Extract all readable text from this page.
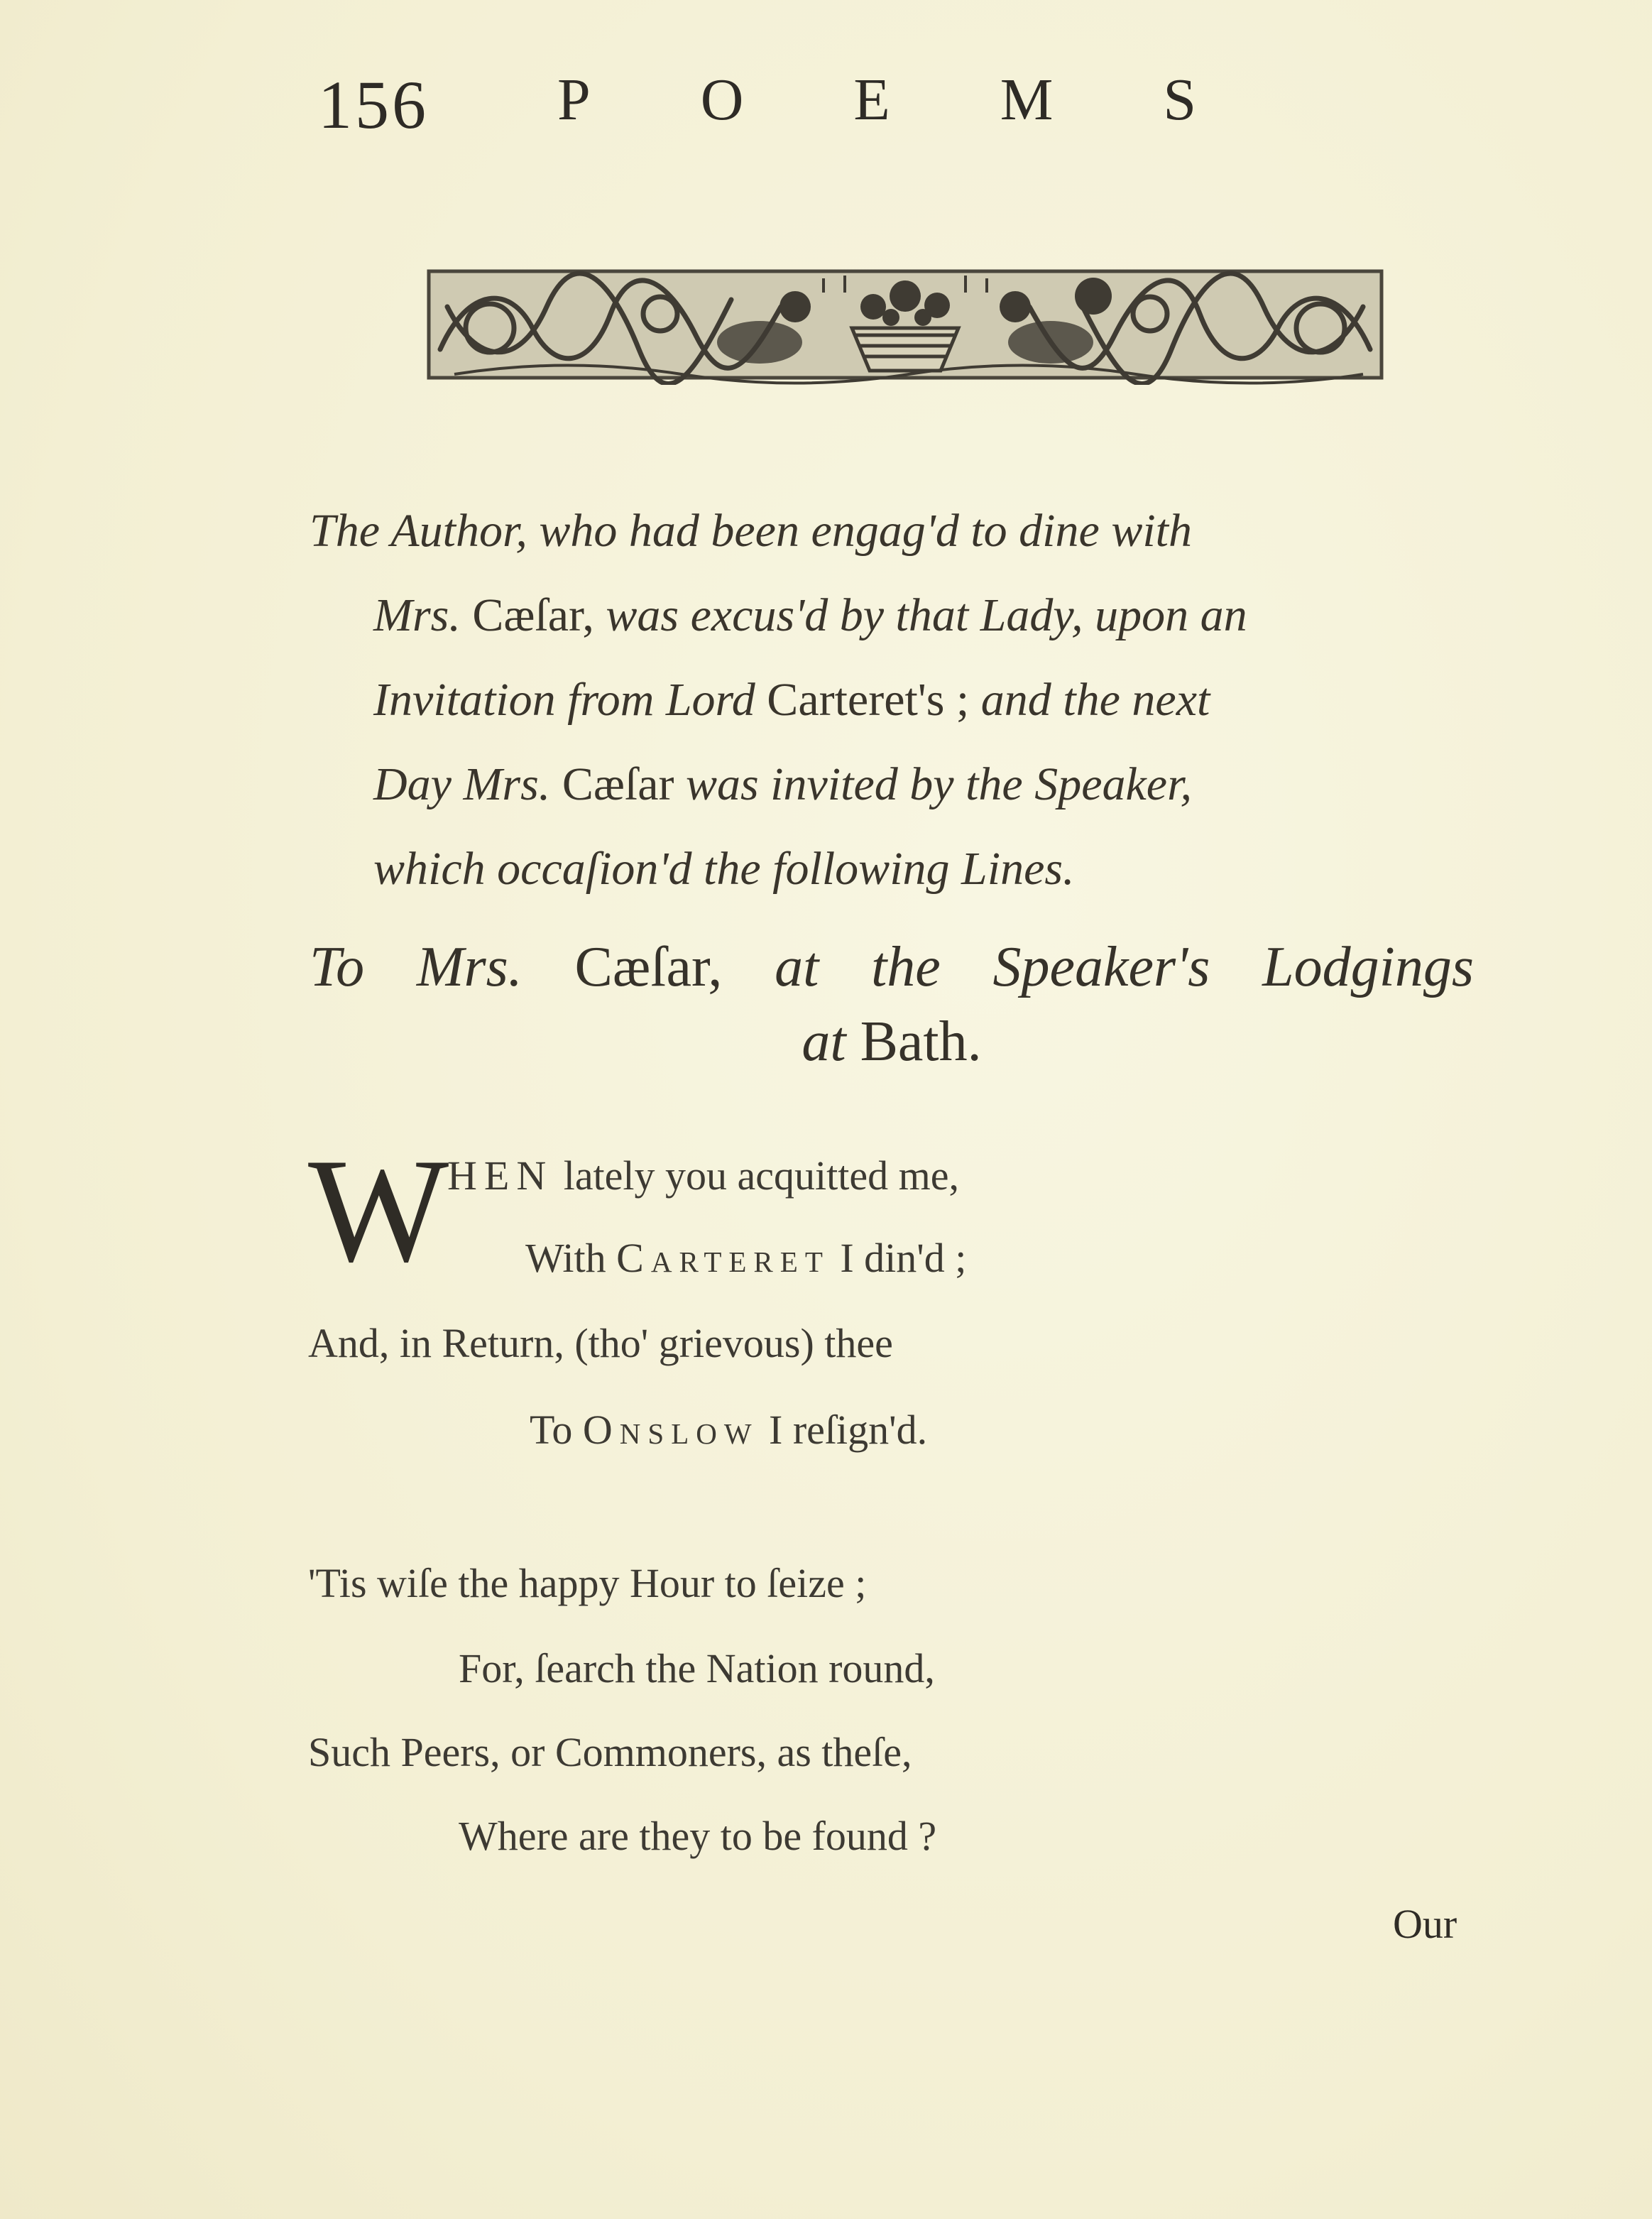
156 POEMS

The Author, who had been engag'd to dine with

Mrs. Cæſar, was excus'd by that Lady, upon an

Invitation from Lord Carteret's ; and the next

Day Mrs. Cæſar was invited by the Speaker,

which occaſion'd the following Lines.

To Mrs. Cæſar, at the Speaker's Lodgings
at Bath.
W
HEN lately you acquitted me,
With Carteret I din'd ;
And, in Return, (tho' grievous) thee
To Onslow I reſign'd.
'Tis wiſe the happy Hour to ſeize ;
For, ſearch the Nation round,
Such Peers, or Commoners, as theſe,
Where are they to be found ?
Our
